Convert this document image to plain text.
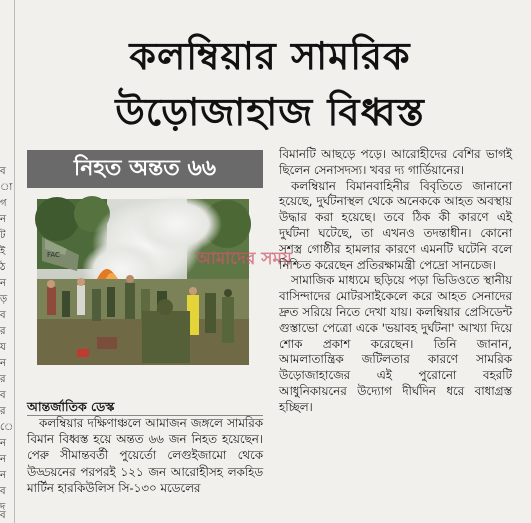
ব
া
গ
ন
ট
ই
ঠ
ন
ড়
ব
র
য
ন
র
ব
র
ে
ন
ন
ন
ব
দ
ব
কলম্বিয়ার সামরিক
উড়োজাহাজ বিধ্বস্ত
নিহত অন্তত ৬৬
FAC	আমাদের সময়

বিমানটি আছড়ে পড়ে। আরোহীদের বেশির ভাগই ছিলেন সেনাসদস্য। খবর দ্য গার্ডিয়ানের।

কলম্বিয়ান বিমানবাহিনীর বিবৃতিতে জানানো হয়েছে, দুর্ঘটনাস্থল থেকে অনেককে আহত অবস্থায় উদ্ধার করা হয়েছে। তবে ঠিক কী কারণে এই দুর্ঘটনা ঘটেছে, তা এখনও তদন্তাধীন। কোনো সশস্ত্র গোষ্ঠীর হামলার কারণে এমনটি ঘটেনি বলে নিশ্চিত করেছেন প্রতিরক্ষামন্ত্রী পেদ্রো সানচেজ।

সামাজিক মাধ্যমে ছড়িয়ে পড়া ভিডিওতে স্থানীয় বাসিন্দাদের মোটরসাইকেলে করে আহত সেনাদের দ্রুত সরিয়ে নিতে দেখা যায়। কলম্বিয়ার প্রেসিডেন্ট গুস্তাভো পেত্রো একে 'ভয়াবহ দুর্ঘটনা' আখ্যা দিয়ে শোক প্রকাশ করেছেন। তিনি জানান, আমলাতান্ত্রিক জটিলতার কারণে সামরিক উড়োজাহাজের এই পুরোনো বহরটি আধুনিকায়নের উদ্যোগ দীর্ঘদিন ধরে বাধাগ্রস্ত হচ্ছিল।

আন্তর্জাতিক ডেস্ক

কলম্বিয়ার দক্ষিণাঞ্চলে আমাজন জঙ্গলে সামরিক বিমান বিধ্বস্ত হয়ে অন্তত ৬৬ জন নিহত হয়েছেন। পেরু সীমান্তবর্তী পুয়ের্তো লেগুইজামো থেকে উড্ডয়নের পরপরই ১২১ জন আরোহীসহ লকহিড মার্টিন হারকিউলিস সি-১৩০ মডেলের
